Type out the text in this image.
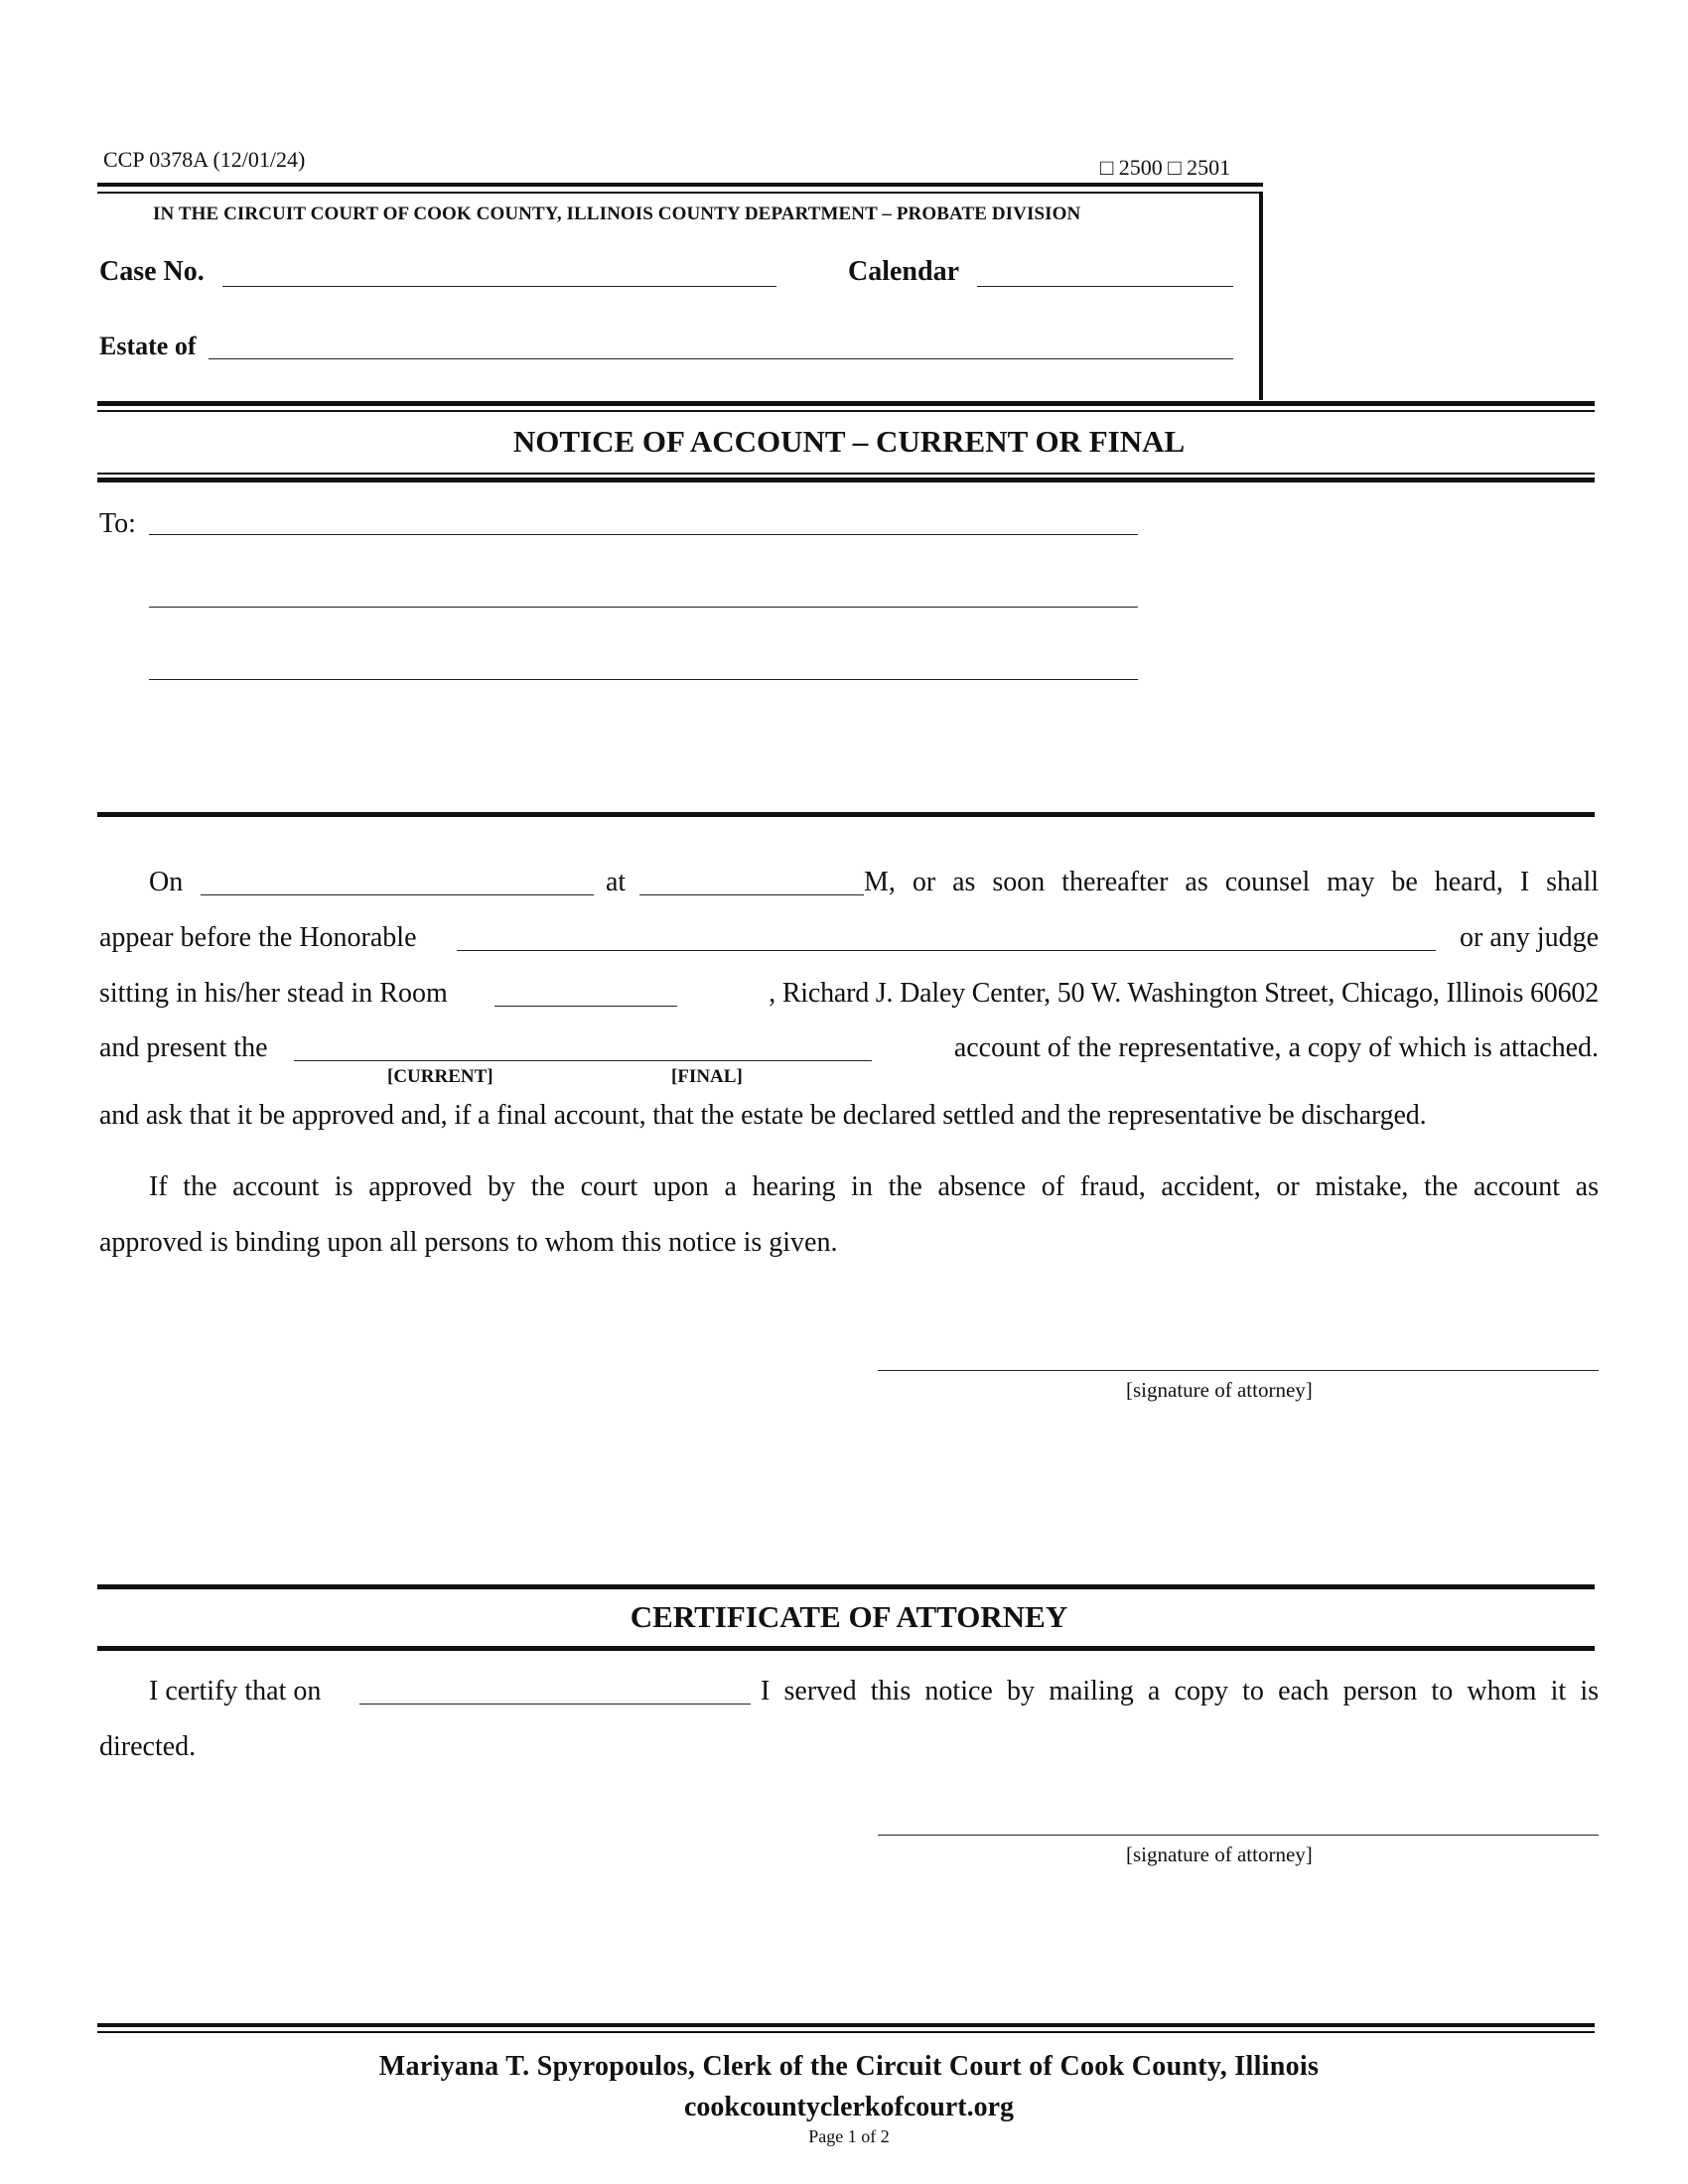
CCP 0378A (12/01/24)	□ 2500 □ 2501
IN THE CIRCUIT COURT OF COOK COUNTY, ILLINOIS COUNTY DEPARTMENT – PROBATE DIVISION
Case No.	Calendar
Estate of
NOTICE OF ACCOUNT – CURRENT OR FINAL
To:
On	at	M, or as soon thereafter as counsel may be heard, I shall
appear before the Honorable	or any judge
sitting in his/her stead in Room	, Richard J. Daley Center, 50 W. Washington Street, Chicago, Illinois 60602
and present the	account of the representative, a copy of which is attached.
[CURRENT]	[FINAL]
and ask that it be approved and, if a final account, that the estate be declared settled and the representative be discharged.
If the account is approved by the court upon a hearing in the absence of fraud, accident, or mistake, the account as
approved is binding upon all persons to whom this notice is given.
[signature of attorney]
CERTIFICATE OF ATTORNEY
I certify that on	I served this notice by mailing a copy to each person to whom it is
directed.
[signature of attorney]
Mariyana T. Spyropoulos, Clerk of the Circuit Court of Cook County, Illinois
cookcountyclerkofcourt.org
Page 1 of 2
